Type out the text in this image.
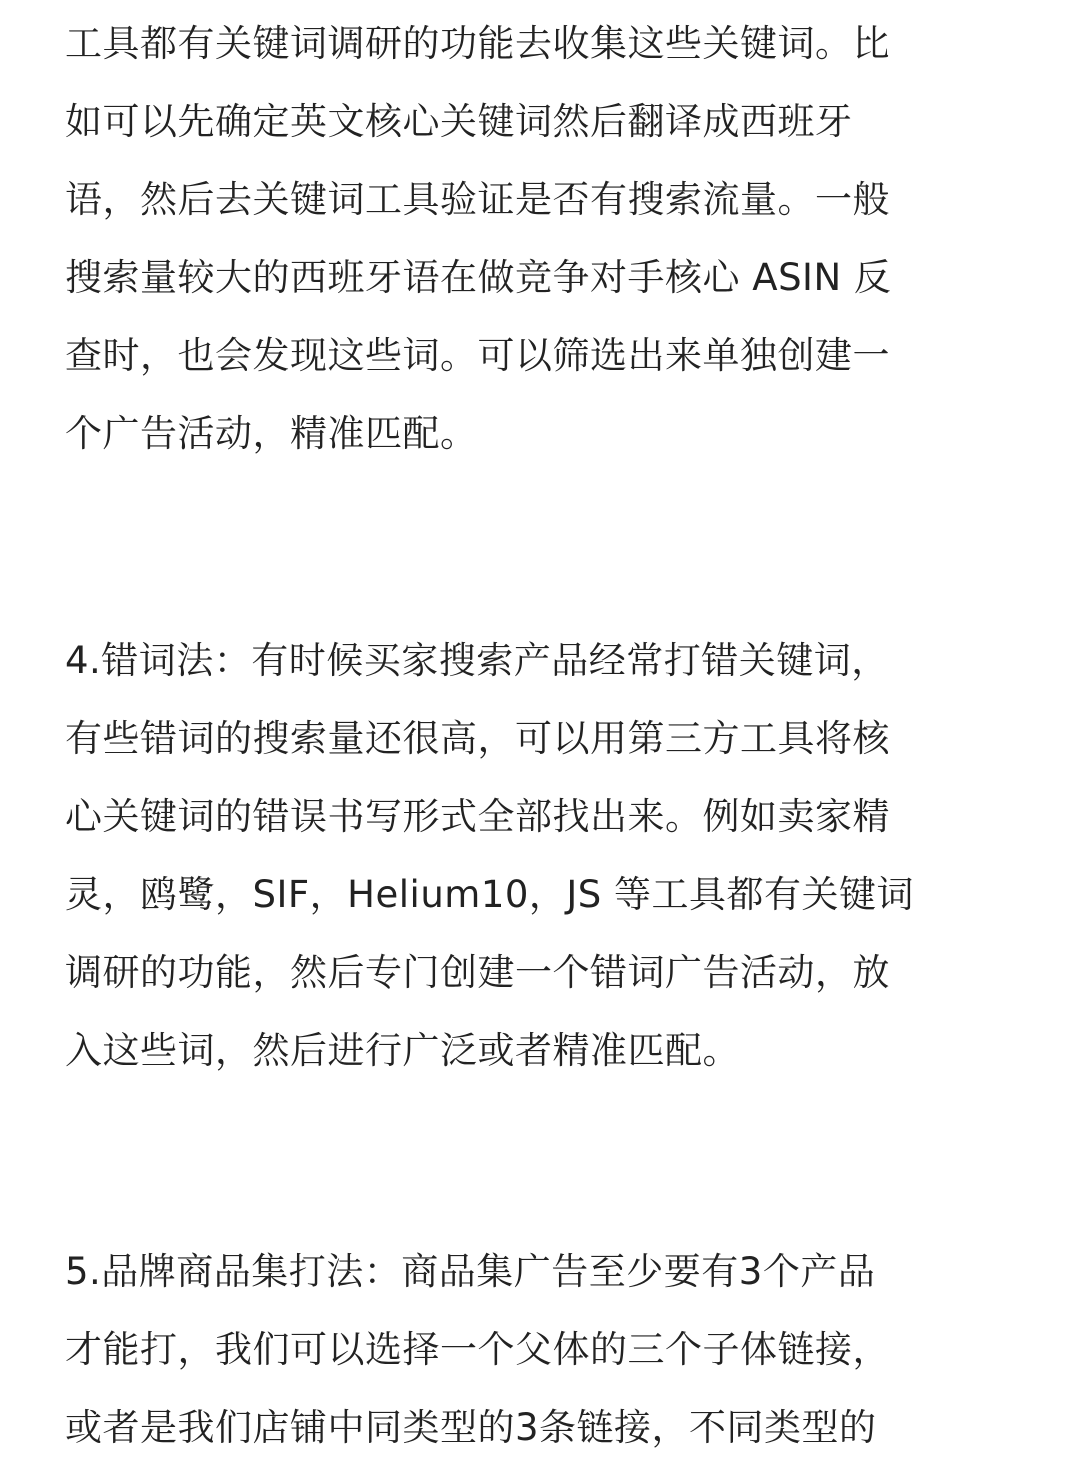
工具都有关键词调研的功能去收集这些关键词。比
如可以先确定英文核心关键词然后翻译成西班牙
语，然后去关键词工具验证是否有搜索流量。一般
搜索量较大的西班牙语在做竞争对手核心 ASIN 反
查时，也会发现这些词。可以筛选出来单独创建一
个广告活动，精准匹配。
4.错词法：有时候买家搜索产品经常打错关键词，
有些错词的搜索量还很高，可以用第三方工具将核
心关键词的错误书写形式全部找出来。例如卖家精
灵，鸥鹭，SIF，Helium10，JS 等工具都有关键词
调研的功能，然后专门创建一个错词广告活动，放
入这些词，然后进行广泛或者精准匹配。
5.品牌商品集打法：商品集广告至少要有3个产品
才能打，我们可以选择一个父体的三个子体链接，
或者是我们店铺中同类型的3条链接，不同类型的
